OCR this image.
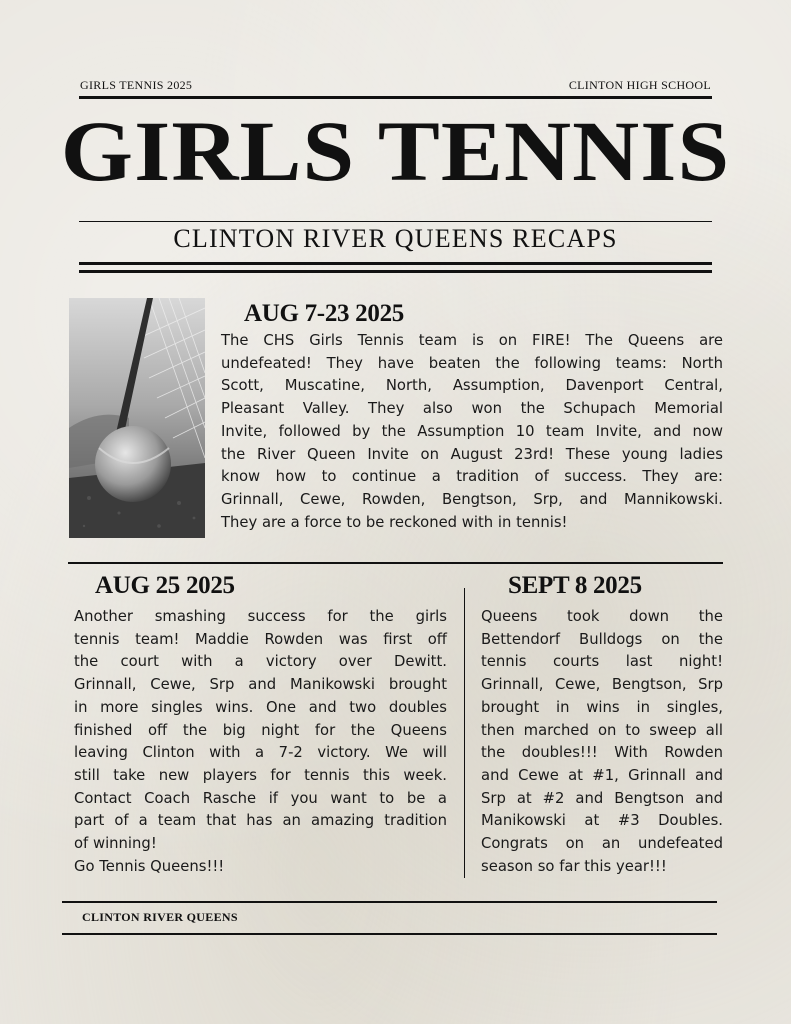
GIRLS TENNIS 2025	CLINTON HIGH SCHOOL
GIRLS TENNIS
CLINTON RIVER QUEENS RECAPS
AUG 7-23 2025
The CHS Girls Tennis team is on FIRE! The Queens are
undefeated! They have beaten the following teams: North
Scott, Muscatine, North, Assumption, Davenport Central,
Pleasant Valley. They also won the Schupach Memorial
Invite, followed by the Assumption 10 team Invite, and now
the River Queen Invite on August 23rd! These young ladies
know how to continue a tradition of success. They are:
Grinnall, Cewe, Rowden, Bengtson, Srp, and Mannikowski.
They are a force to be reckoned with in tennis!
AUG 25 2025
Another smashing success for the girls
tennis team! Maddie Rowden was first off
the court with a victory over Dewitt.
Grinnall, Cewe, Srp and Manikowski brought
in more singles wins. One and two doubles
finished off the big night for the Queens
leaving Clinton with a 7-2 victory. We will
still take new players for tennis this week.
Contact Coach Rasche if you want to be a
part of a team that has an amazing tradition
of winning!
Go Tennis Queens!!!
SEPT 8 2025
Queens took down the
Bettendorf Bulldogs on the
tennis courts last night!
Grinnall, Cewe, Bengtson, Srp
brought in wins in singles,
then marched on to sweep all
the doubles!!! With Rowden
and Cewe at #1, Grinnall and
Srp at #2 and Bengtson and
Manikowski at #3 Doubles.
Congrats on an undefeated
season so far this year!!!
CLINTON RIVER QUEENS
